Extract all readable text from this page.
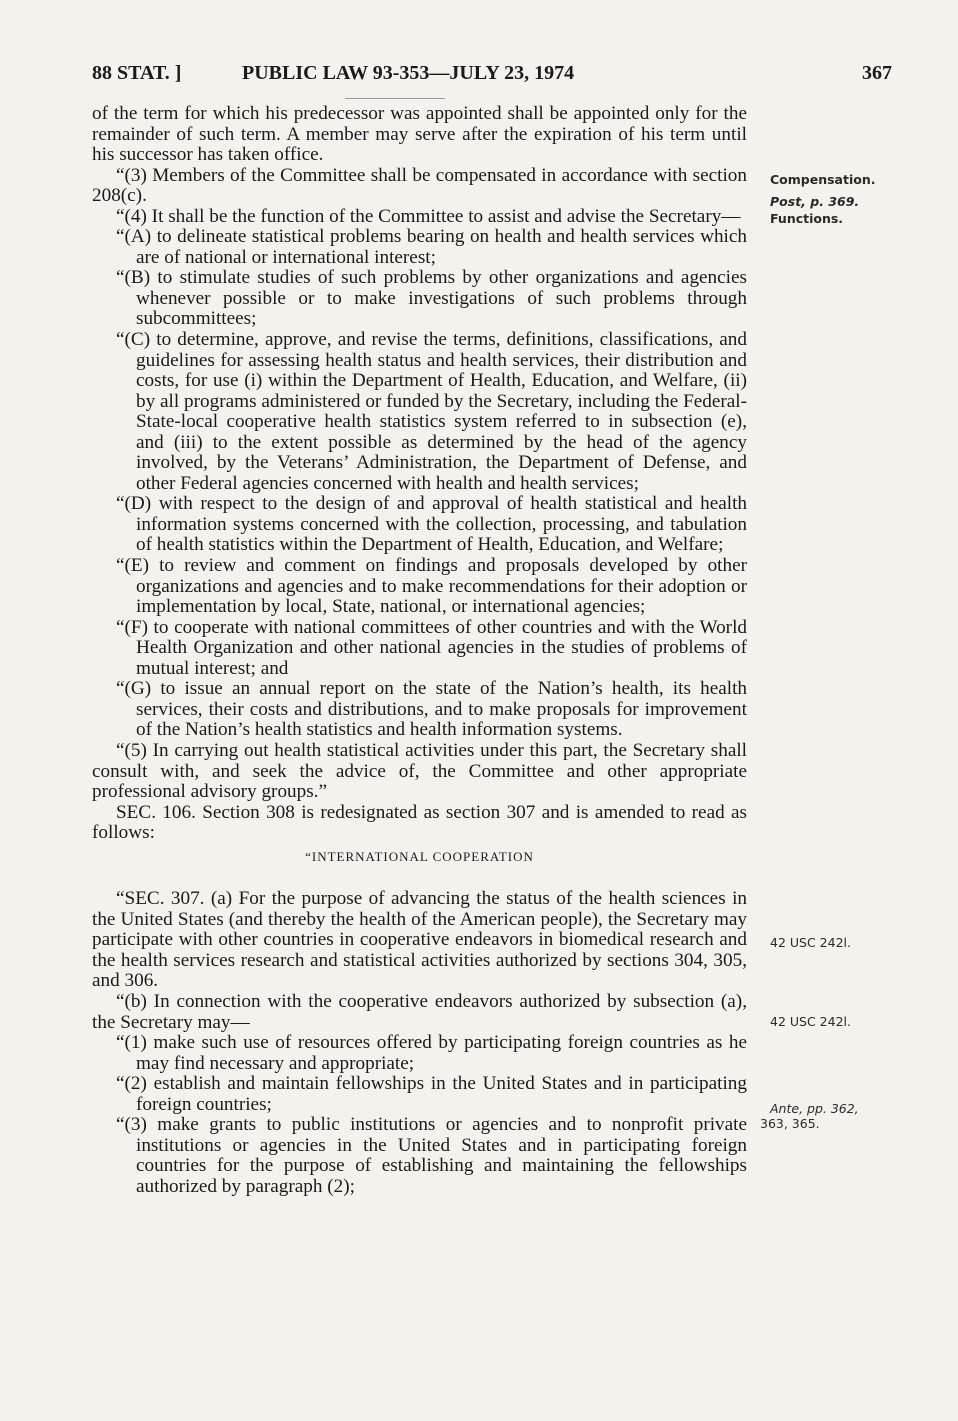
88 STAT. ]	PUBLIC LAW 93-353—JULY 23, 1974	367

of the term for which his predecessor was appointed shall be appointed only for the remainder of such term. A member may serve after the expiration of his term until his successor has taken office.

“(3) Members of the Committee shall be compensated in accordance with section 208(c).

“(4) It shall be the function of the Committee to assist and advise the Secretary—

“(A) to delineate statistical problems bearing on health and health services which are of national or international interest;

“(B) to stimulate studies of such problems by other organizations and agencies whenever possible or to make investigations of such problems through subcommittees;

“(C) to determine, approve, and revise the terms, definitions, classifications, and guidelines for assessing health status and health services, their distribution and costs, for use (i) within the Department of Health, Education, and Welfare, (ii) by all programs administered or funded by the Secretary, including the Federal-State-local cooperative health statistics system referred to in subsection (e), and (iii) to the extent possible as determined by the head of the agency involved, by the Veterans’ Administration, the Department of Defense, and other Federal agencies concerned with health and health services;

“(D) with respect to the design of and approval of health statistical and health information systems concerned with the collection, processing, and tabulation of health statistics within the Department of Health, Education, and Welfare;

“(E) to review and comment on findings and proposals developed by other organizations and agencies and to make recommendations for their adoption or implementation by local, State, national, or international agencies;

“(F) to cooperate with national committees of other countries and with the World Health Organization and other national agencies in the studies of problems of mutual interest; and

“(G) to issue an annual report on the state of the Nation’s health, its health services, their costs and distributions, and to make proposals for improvement of the Nation’s health statistics and health information systems.

“(5) In carrying out health statistical activities under this part, the Secretary shall consult with, and seek the advice of, the Committee and other appropriate professional advisory groups.”

SEC. 106. Section 308 is redesignated as section 307 and is amended to read as follows:

“INTERNATIONAL COOPERATION

“SEC. 307. (a) For the purpose of advancing the status of the health sciences in the United States (and thereby the health of the American people), the Secretary may participate with other countries in cooperative endeavors in biomedical research and the health services research and statistical activities authorized by sections 304, 305, and 306.

“(b) In connection with the cooperative endeavors authorized by subsection (a), the Secretary may—

“(1) make such use of resources offered by participating foreign countries as he may find necessary and appropriate;

“(2) establish and maintain fellowships in the United States and in participating foreign countries;

“(3) make grants to public institutions or agencies and to nonprofit private institutions or agencies in the United States and in participating foreign countries for the purpose of establishing and maintaining the fellowships authorized by paragraph (2);

Compensation.
Post, p. 369.
Functions.
42 USC 242l.
42 USC 242l.
Ante, pp. 362,
363, 365.
